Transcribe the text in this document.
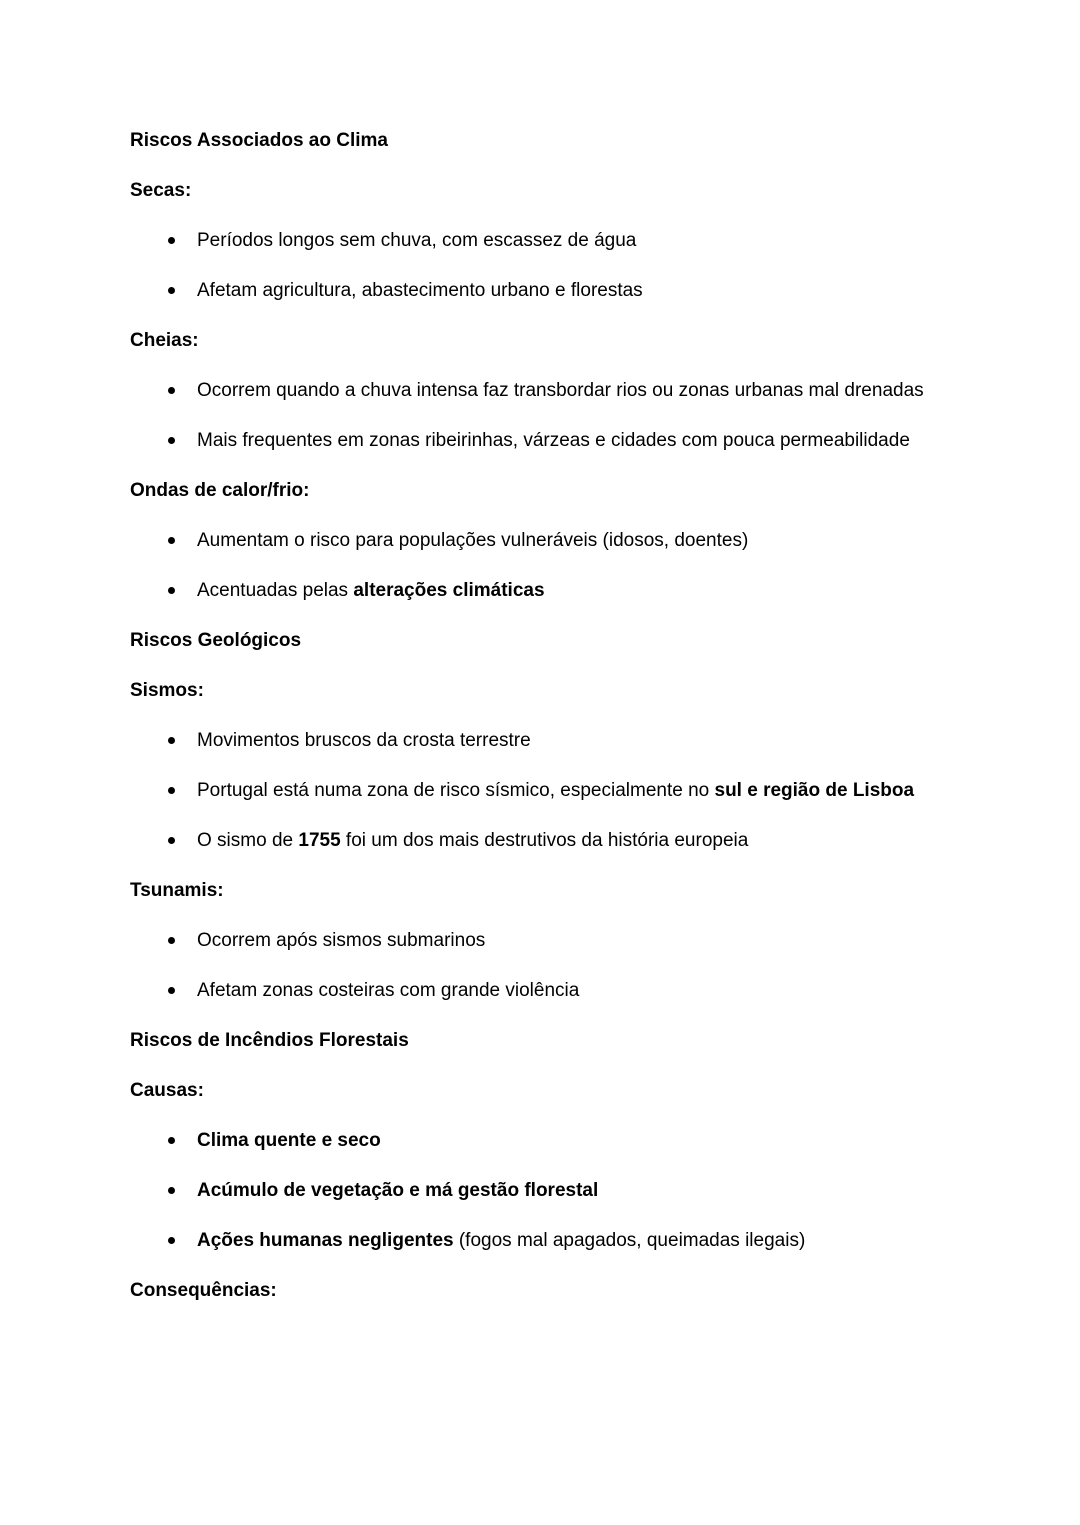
Riscos Associados ao Clima
Secas:
Períodos longos sem chuva, com escassez de água
Afetam agricultura, abastecimento urbano e florestas
Cheias:
Ocorrem quando a chuva intensa faz transbordar rios ou zonas urbanas mal drenadas
Mais frequentes em zonas ribeirinhas, várzeas e cidades com pouca permeabilidade
Ondas de calor/frio:
Aumentam o risco para populações vulneráveis (idosos, doentes)
Acentuadas pelas alterações climáticas
Riscos Geológicos
Sismos:
Movimentos bruscos da crosta terrestre
Portugal está numa zona de risco sísmico, especialmente no sul e região de Lisboa
O sismo de 1755 foi um dos mais destrutivos da história europeia
Tsunamis:
Ocorrem após sismos submarinos
Afetam zonas costeiras com grande violência
Riscos de Incêndios Florestais
Causas:
Clima quente e seco
Acúmulo de vegetação e má gestão florestal
Ações humanas negligentes (fogos mal apagados, queimadas ilegais)
Consequências:
